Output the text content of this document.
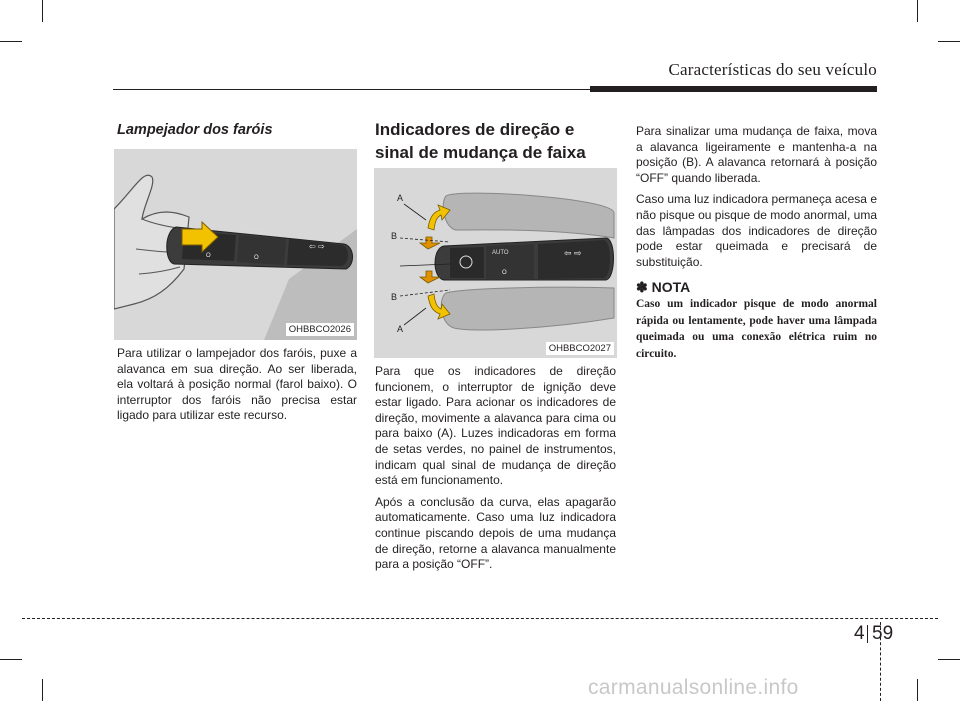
Características do seu veículo
Lampejador dos faróis
AUTO
O	O
⇦ ⇨
OHBBCO2026

Para utilizar o lampejador dos faróis, puxe a alavanca em sua direção. Ao ser liberada, ela voltará à posição normal (farol baixo). O interruptor dos faróis não precisa estar ligado para utilizar este recurso.

Indicadores de direção e sinal de mudança de faixa
AUTO
O
⇦ ⇨
A
B
B
A
OHBBCO2027

Para que os indicadores de direção funcionem, o interruptor de ignição deve estar ligado. Para acionar os indicadores de direção, movimente a alavanca para cima ou para baixo (A). Luzes indicadoras em forma de setas verdes, no painel de instrumentos, indicam qual sinal de mudança de direção está em funcionamento.

Após a conclusão da curva, elas apagarão automaticamente. Caso uma luz indicadora continue piscando depois de uma mudança de direção, retorne a alavanca manualmente para a posição “OFF”.

Para sinalizar uma mudança de faixa, mova a alavanca ligeiramente e mantenha-a na posição (B). A alavanca retornará à posição “OFF” quando liberada.

Caso uma luz indicadora permaneça acesa e não pisque ou pisque de modo anormal, uma das lâmpadas dos indicadores de direção pode estar queimada e precisará de substituição.

✽ NOTA
Caso um indicador pisque de modo anormal rápida ou lentamente, pode haver uma lâmpada queimada ou uma conexão elétrica ruim no circuito.
4 59
carmanualsonline.info
